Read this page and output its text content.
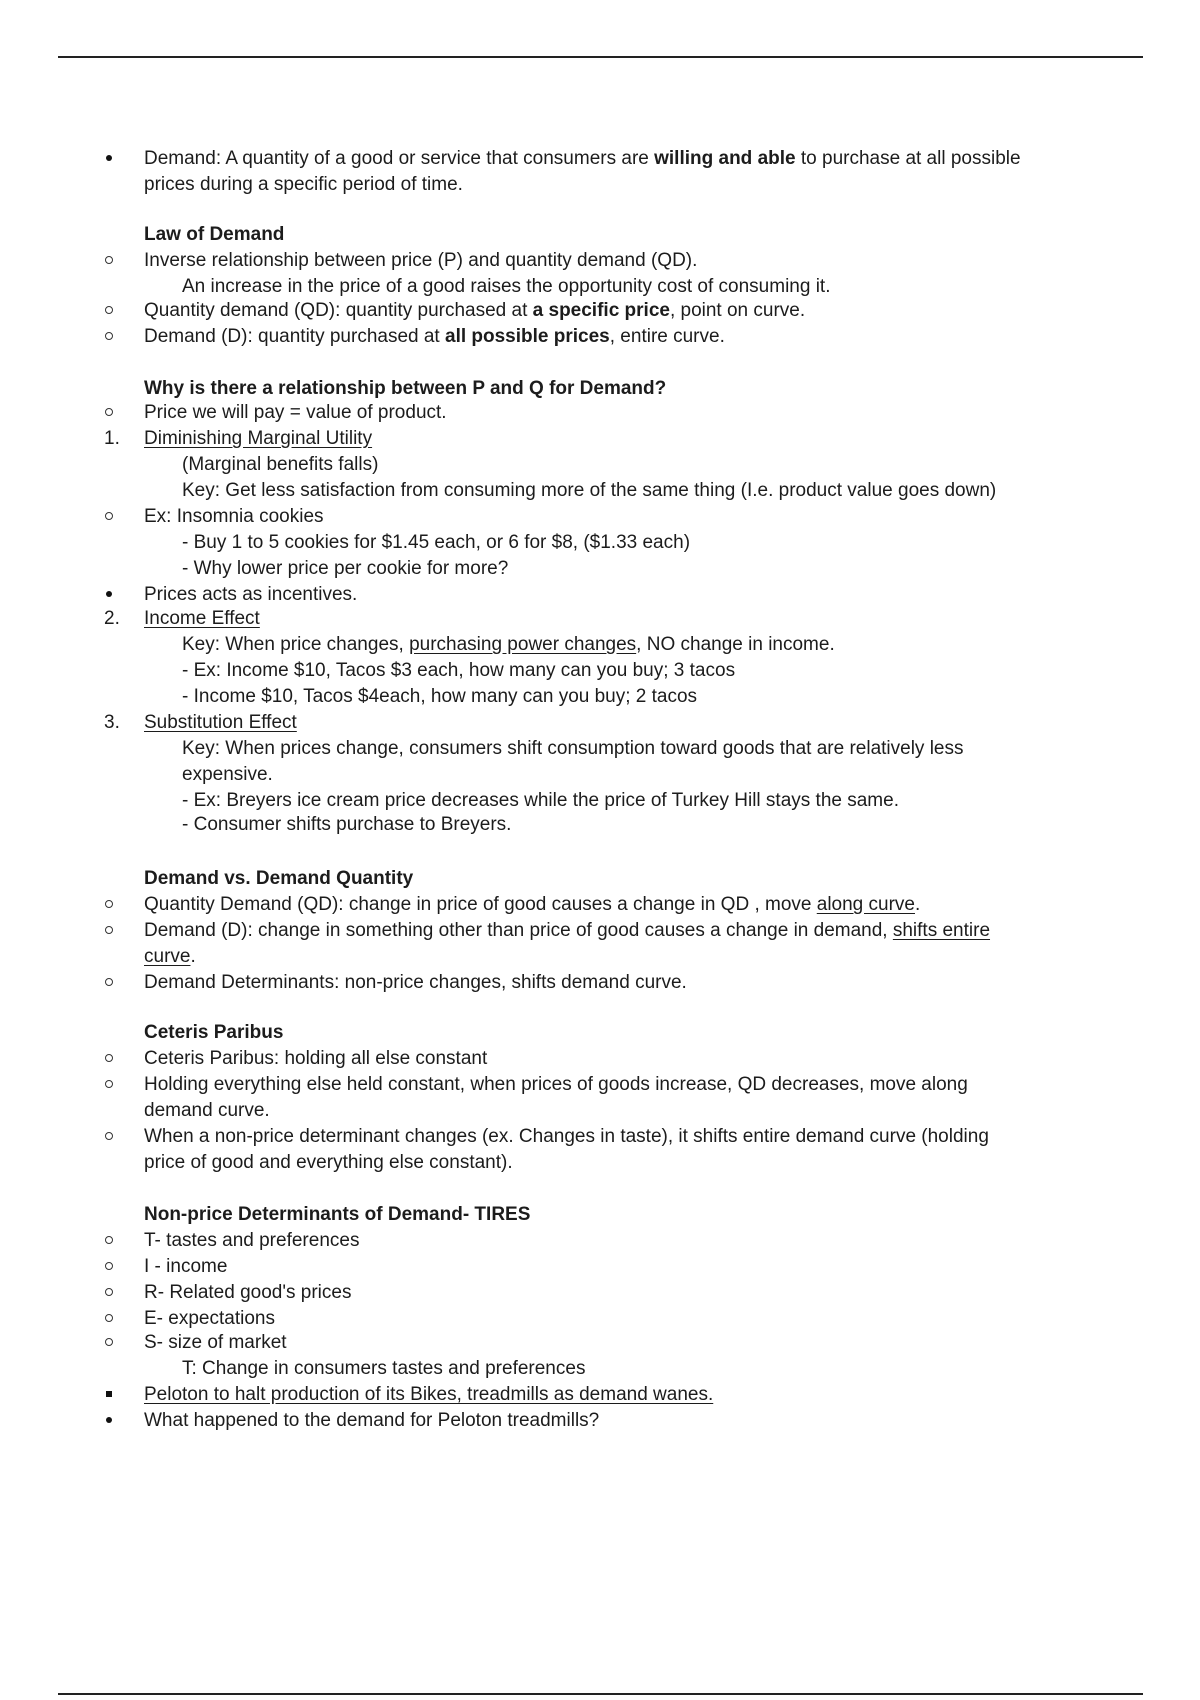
Demand: A quantity of a good or service that consumers are willing and able to purchase at all possible
prices during a specific period of time.
Law of Demand
Inverse relationship between price (P) and quantity demand (QD).
An increase in the price of a good raises the opportunity cost of consuming it.
Quantity demand (QD): quantity purchased at a specific price, point on curve.
Demand (D): quantity purchased at all possible prices, entire curve.
Why is there a relationship between P and Q for Demand?
Price we will pay = value of product.
1.	Diminishing Marginal Utility
(Marginal benefits falls)
Key: Get less satisfaction from consuming more of the same thing (I.e. product value goes down)
Ex: Insomnia cookies
- Buy 1 to 5 cookies for $1.45 each, or 6 for $8, ($1.33 each)
- Why lower price per cookie for more?
Prices acts as incentives.
2.	Income Effect
Key: When price changes, purchasing power changes, NO change in income.
- Ex: Income $10, Tacos $3 each, how many can you buy; 3 tacos
- Income $10, Tacos $4each, how many can you buy; 2 tacos
3.	Substitution Effect
Key: When prices change, consumers shift consumption toward goods that are relatively less
expensive.
- Ex: Breyers ice cream price decreases while the price of Turkey Hill stays the same.
- Consumer shifts purchase to Breyers.
Demand vs. Demand Quantity
Quantity Demand (QD): change in price of good causes a change in QD , move along curve.
Demand (D): change in something other than price of good causes a change in demand, shifts entire
curve.
Demand Determinants: non-price changes, shifts demand curve.
Ceteris Paribus
Ceteris Paribus: holding all else constant
Holding everything else held constant, when prices of goods increase, QD decreases, move along
demand curve.
When a non-price determinant changes (ex. Changes in taste), it shifts entire demand curve (holding
price of good and everything else constant).
Non-price Determinants of Demand- TIRES
T- tastes and preferences
I - income
R- Related good's prices
E- expectations
S- size of market
T: Change in consumers tastes and preferences
Peloton to halt production of its Bikes, treadmills as demand wanes.
What happened to the demand for Peloton treadmills?
